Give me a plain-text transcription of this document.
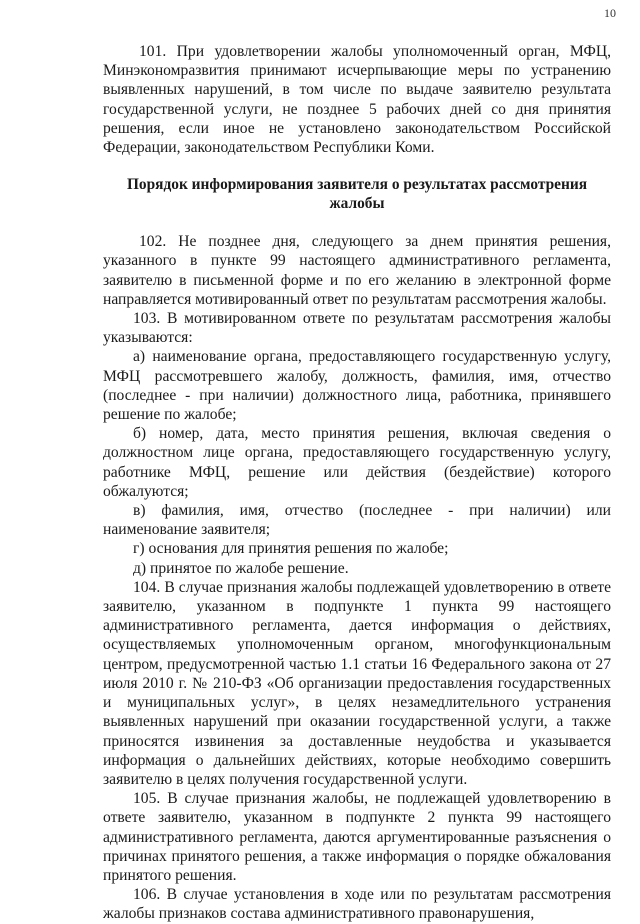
10

101. При удовлетворении жалобы уполномоченный орган, МФЦ, Минэкономразвития принимают исчерпывающие меры по устранению выявленных нарушений, в том числе по выдаче заявителю результата государственной услуги, не позднее 5 рабочих дней со дня принятия решения, если иное не установлено законодательством Российской Федерации, законодательством Республики Коми.

Порядок информирования заявителя о результатах рассмотрения жалобы

102. Не позднее дня, следующего за днем принятия решения, указанного в пункте 99 настоящего административного регламента, заявителю в письменной форме и по его желанию в электронной форме направляется мотивированный ответ по результатам рассмотрения жалобы.

103. В мотивированном ответе по результатам рассмотрения жалобы указываются:

а) наименование органа, предоставляющего государственную услугу, МФЦ рассмотревшего жалобу, должность, фамилия, имя, отчество (последнее - при наличии) должностного лица, работника, принявшего решение по жалобе;

б) номер, дата, место принятия решения, включая сведения о должностном лице органа, предоставляющего государственную услугу, работнике МФЦ, решение или действия (бездействие) которого обжалуются;

в) фамилия, имя, отчество (последнее - при наличии) или наименование заявителя;

г) основания для принятия решения по жалобе;

д) принятое по жалобе решение.

104. В случае признания жалобы подлежащей удовлетворению в ответе заявителю, указанном в подпункте 1 пункта 99 настоящего административного регламента, дается информация о действиях, осуществляемых уполномоченным органом, многофункциональным центром, предусмотренной частью 1.1 статьи 16 Федерального закона от 27 июля 2010 г. № 210-ФЗ «Об организации предоставления государственных и муниципальных услуг», в целях незамедлительного устранения выявленных нарушений при оказании государственной услуги, а также приносятся извинения за доставленные неудобства и указывается информация о дальнейших действиях, которые необходимо совершить заявителю в целях получения государственной услуги.

105. В случае признания жалобы, не подлежащей удовлетворению в ответе заявителю, указанном в подпункте 2 пункта 99 настоящего административного регламента, даются аргументированные разъяснения о причинах принятого решения, а также информация о порядке обжалования принятого решения.

106. В случае установления в ходе или по результатам рассмотрения жалобы признаков состава административного правонарушения,
